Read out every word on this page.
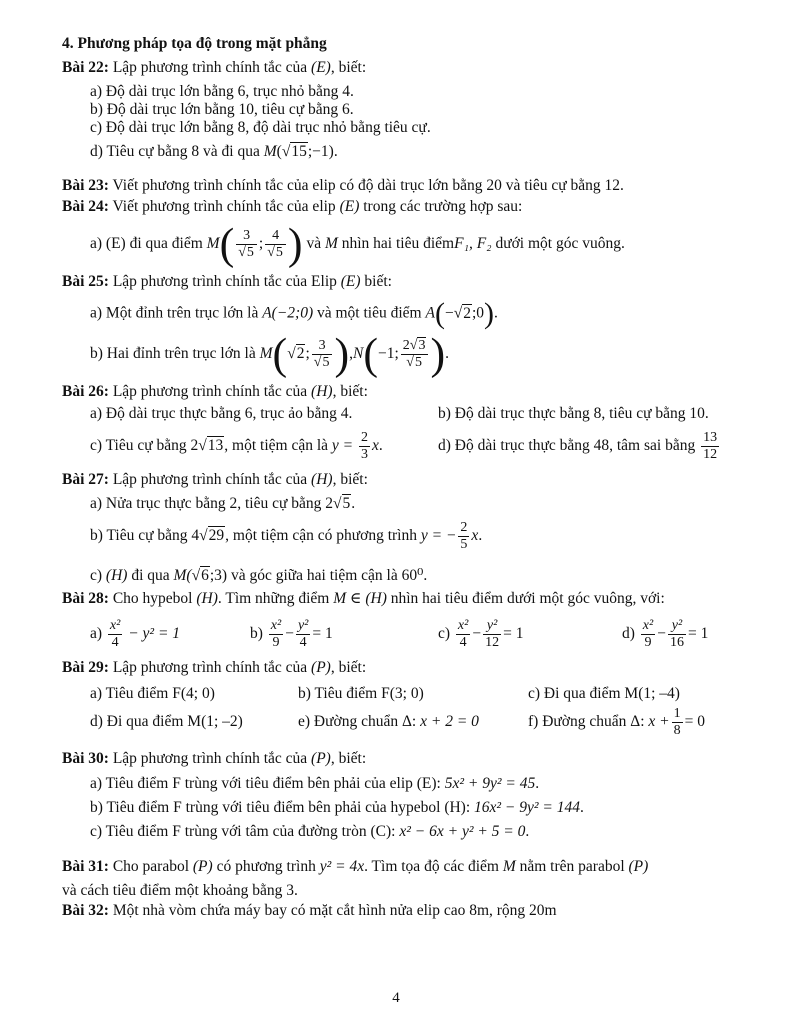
4. Phương pháp tọa độ trong mặt phẳng
Bài 22: Lập phương trình chính tắc của (E), biết:
a) Độ dài trục lớn bằng 6, trục nhỏ bằng 4.
b) Độ dài trục lớn bằng 10, tiêu cự bằng 6.
c) Độ dài trục lớn bằng 8, độ dài trục nhỏ bằng tiêu cự.
d) Tiêu cự bằng 8 và đi qua M(√15;−1).
Bài 23: Viết phương trình chính tắc của elip có độ dài trục lớn bằng 20 và tiêu cự bằng 12.
Bài 24: Viết phương trình chính tắc của elip (E) trong các trường hợp sau:
a) (E) đi qua điểm $M( \frac{3}{√5}$ ; $\frac{4}{√5}$ ) và M nhìn hai tiêu điểmF₁, F₂ dưới một góc vuông.
Bài 25: Lập phương trình chính tắc của Elip (E) biết:
a) Một đỉnh trên trục lớn là A(−2;0) và một tiêu điểm A(−√2;0).
b) Hai đỉnh trên trục lớn là M(√2; $\frac{3}{√5} ),N(-1$; $\frac{2√3}{√5}$ ).
Bài 26: Lập phương trình chính tắc của (H), biết:
a) Độ dài trục thực bằng 6, trục ảo bằng 4.	b) Độ dài trục thực bằng 8, tiêu cự bằng 10.
c) Tiêu cự bằng 2√13, một tiệm cận là $y = \frac{2}{3} x$.	d) Độ dài trục thực bằng 48, tâm sai bằng $\frac{13}{12}$
Bài 27: Lập phương trình chính tắc của (H), biết:
a) Nửa trục thực bằng 2, tiêu cự bằng 2√5.
b) Tiêu cự bằng 4√29, một tiệm cận có phương trình y = − $\frac{2}{5} x$.
c) (H) đi qua M(√6;3) và góc giữa hai tiệm cận là 60⁰.
Bài 28: Cho hypebol (H). Tìm những điểm M ∈ (H) nhìn hai tiêu điểm dưới một góc vuông, với:
$a) \frac{\text{x²}}{4} - y^2 = 1$	$b) \frac{\text{x²}}{9} - \frac{\text{y²}}{4} = 1$	$c) \frac{\text{x²}}{4} - \frac{\text{y²}}{12} = 1$	$d) \frac{\text{x²}}{9} - \frac{\text{y²}}{16} = 1$
Bài 29: Lập phương trình chính tắc của (P), biết:
a) Tiêu điểm F(4; 0)	b) Tiêu điểm F(3; 0)	c) Đi qua điểm M(1; –4)
d) Đi qua điểm M(1; –2)	e) Đường chuẩn Δ: x + 2 = 0	f) Đường chuẩn Δ: $x + \frac{1}{8} = 0$
Bài 30: Lập phương trình chính tắc của (P), biết:
a) Tiêu điểm F trùng với tiêu điểm bên phải của elip (E): 5x² + 9y² = 45.
b) Tiêu điểm F trùng với tiêu điểm bên phải của hypebol (H): 16x² − 9y² = 144.
c) Tiêu điểm F trùng với tâm của đường tròn (C): x² − 6x + y² + 5 = 0.
Bài 31: Cho parabol (P) có phương trình y² = 4x. Tìm tọa độ các điểm M nằm trên parabol (P)
và cách tiêu điểm một khoảng bằng 3.
Bài 32: Một nhà vòm chứa máy bay có mặt cắt hình nửa elip cao 8m, rộng 20m
4
